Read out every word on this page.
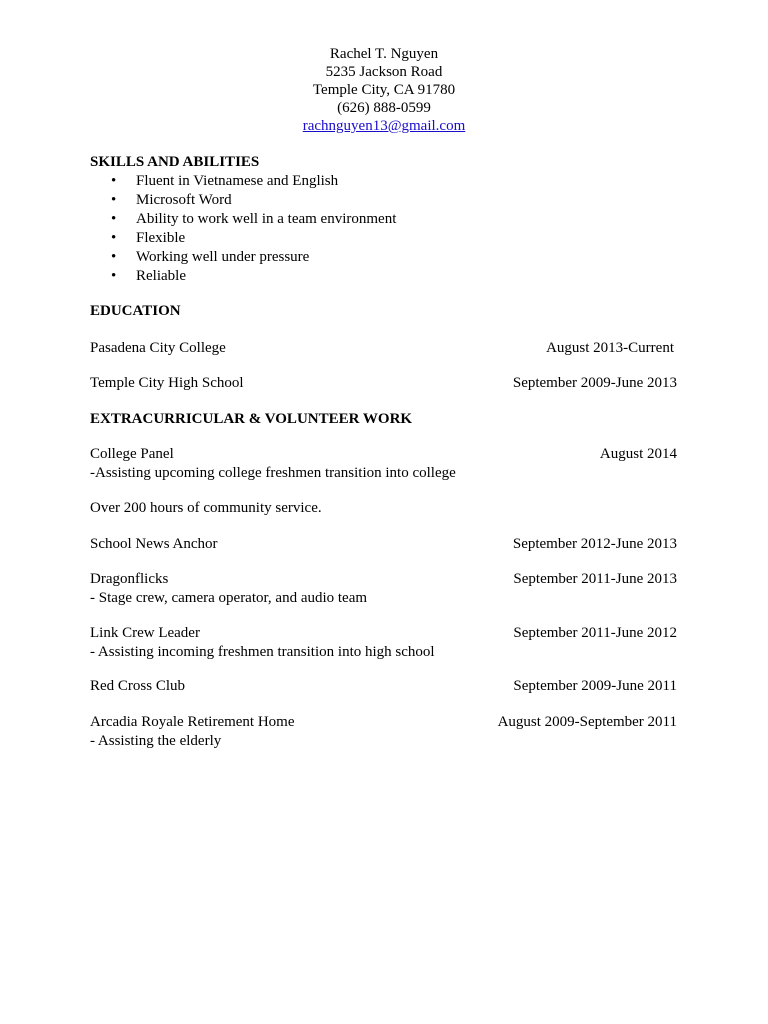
Rachel T. Nguyen
5235 Jackson Road
Temple City, CA 91780
(626) 888-0599
rachnguyen13@gmail.com
SKILLS AND ABILITIES
• Fluent in Vietnamese and English
• Microsoft Word
• Ability to work well in a team environment
• Flexible
• Working well under pressure
• Reliable
EDUCATION
Pasadena City College	August 2013-Current
Temple City High School	September 2009-June 2013
EXTRACURRICULAR & VOLUNTEER WORK
College Panel	August 2014
-Assisting upcoming college freshmen transition into college
Over 200 hours of community service.
School News Anchor	September 2012-June 2013
Dragonflicks	September 2011-June 2013
- Stage crew, camera operator, and audio team
Link Crew Leader	September 2011-June 2012
- Assisting incoming freshmen transition into high school
Red Cross Club	September 2009-June 2011
Arcadia Royale Retirement Home	August 2009-September 2011
- Assisting the elderly
